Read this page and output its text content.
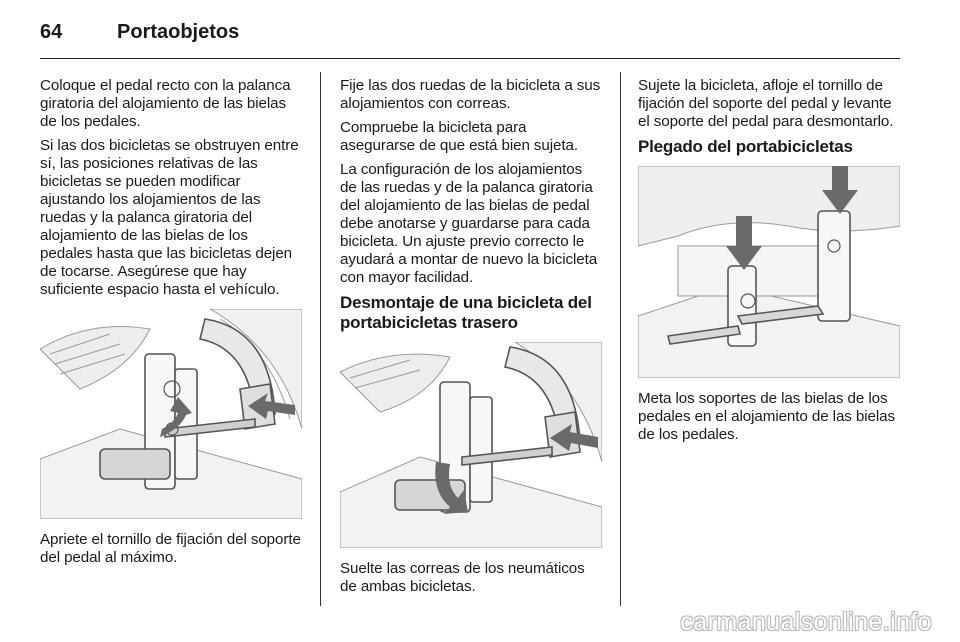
64	Portaobjetos

Coloque el pedal recto con la palanca giratoria del alojamiento de las bielas de los pedales.

Si las dos bicicletas se obstruyen entre sí, las posiciones relativas de las bicicletas se pueden modificar ajustando los alojamientos de las ruedas y la palanca giratoria del alojamiento de las bielas de los pedales hasta que las bicicletas dejen de tocarse. Asegúrese que hay suficiente espacio hasta el vehículo.

Apriete el tornillo de fijación del soporte del pedal al máximo.

Fije las dos ruedas de la bicicleta a sus alojamientos con correas.

Compruebe la bicicleta para asegurarse de que está bien sujeta.

La configuración de los alojamientos de las ruedas y de la palanca giratoria del alojamiento de las bielas de pedal debe anotarse y guardarse para cada bicicleta. Un ajuste previo correcto le ayudará a montar de nuevo la bicicleta con mayor facilidad.

Desmontaje de una bicicleta del portabicicletas trasero

Suelte las correas de los neumáticos de ambas bicicletas.

Sujete la bicicleta, afloje el tornillo de fijación del soporte del pedal y levante el soporte del pedal para desmontarlo.

Plegado del portabicicletas

Meta los soportes de las bielas de los pedales en el alojamiento de las bielas de los pedales.

carmanualsonline.info
